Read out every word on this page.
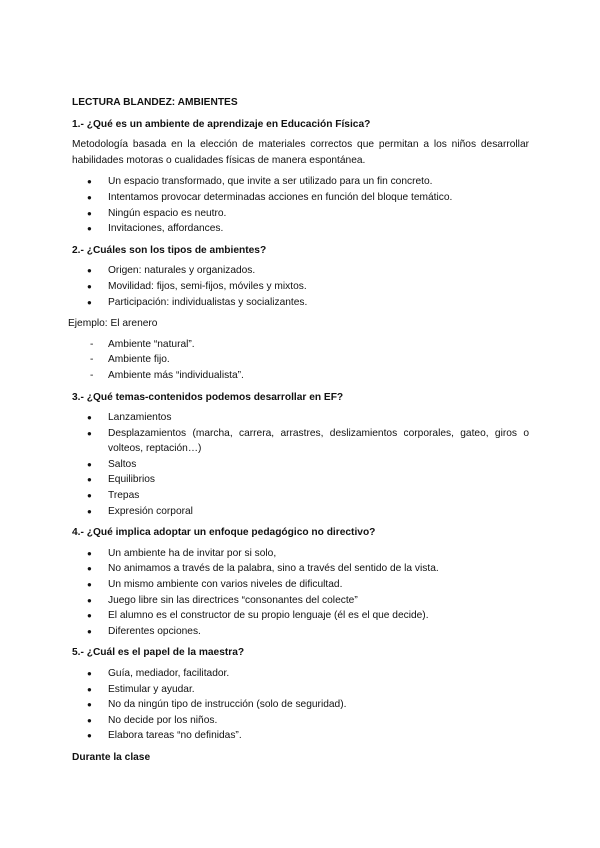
LECTURA BLANDEZ: AMBIENTES
1.- ¿Qué es un ambiente de aprendizaje en Educación Física?
Metodología basada en la elección de materiales correctos que permitan a los niños desarrollar habilidades motoras o cualidades físicas de manera espontánea.
● Un espacio transformado, que invite a ser utilizado para un fin concreto.
● Intentamos provocar determinadas acciones en función del bloque temático.
● Ningún espacio es neutro.
● Invitaciones, affordances.
2.- ¿Cuáles son los tipos de ambientes?
● Origen: naturales y organizados.
● Movilidad: fijos, semi-fijos, móviles y mixtos.
● Participación: individualistas y socializantes.
Ejemplo: El arenero
- Ambiente “natural”.
- Ambiente fijo.
- Ambiente más “individualista”.
3.- ¿Qué temas-contenidos podemos desarrollar en EF?
● Lanzamientos
● Desplazamientos (marcha, carrera, arrastres, deslizamientos corporales, gateo, giros o volteos, reptación…)
● Saltos
● Equilibrios
● Trepas
● Expresión corporal
4.- ¿Qué implica adoptar un enfoque pedagógico no directivo?
● Un ambiente ha de invitar por si solo,
● No animamos a través de la palabra, sino a través del sentido de la vista.
● Un mismo ambiente con varios niveles de dificultad.
● Juego libre sin las directrices “consonantes del colecte”
● El alumno es el constructor de su propio lenguaje (él es el que decide).
● Diferentes opciones.
5.- ¿Cuál es el papel de la maestra?
● Guía, mediador, facilitador.
● Estimular y ayudar.
● No da ningún tipo de instrucción (solo de seguridad).
● No decide por los niños.
● Elabora tareas “no definidas”.
Durante la clase
